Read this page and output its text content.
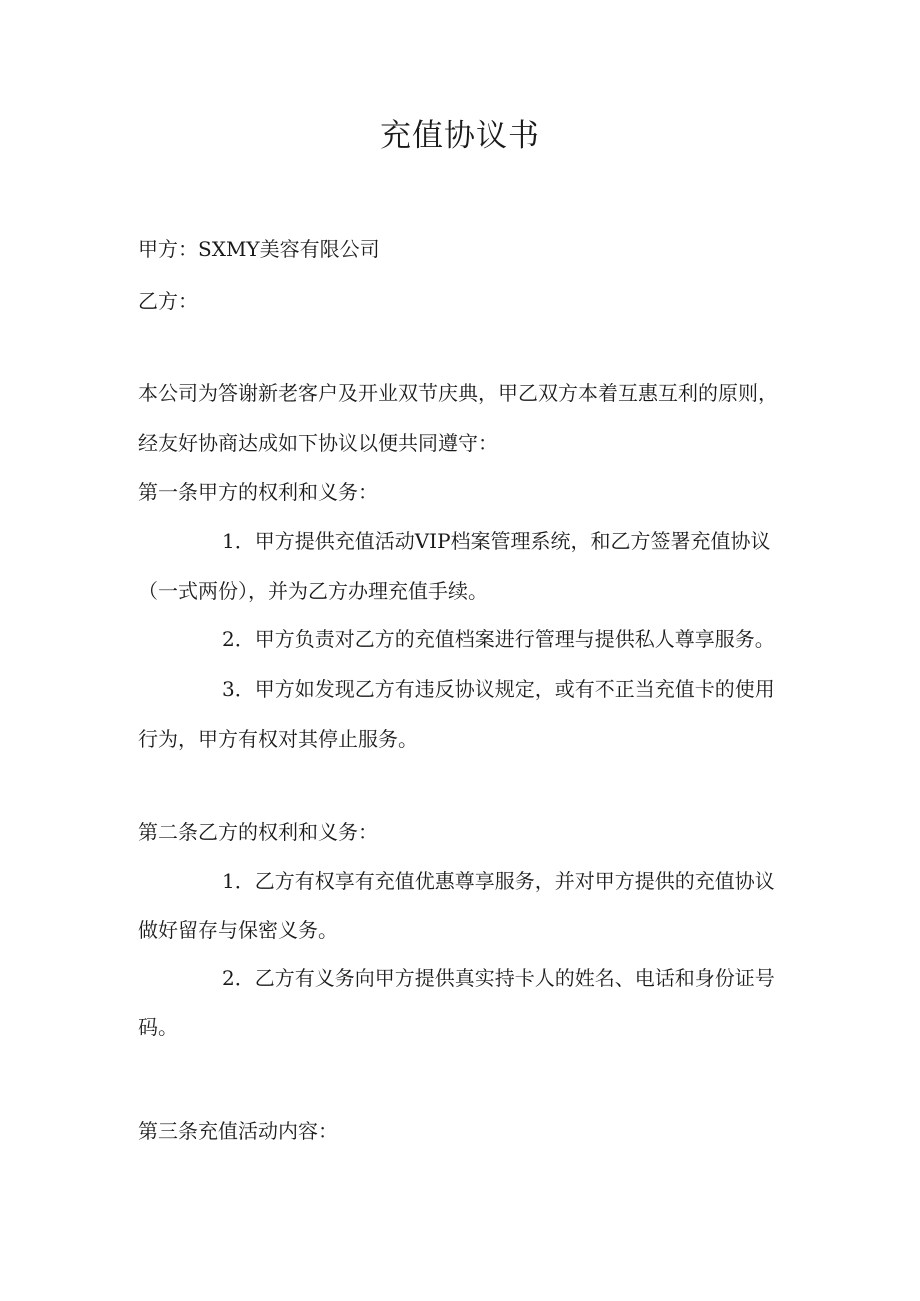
充值协议书

甲方：SXMY美容有限公司

乙方：

本公司为答谢新老客户及开业双节庆典，甲乙双方本着互惠互利的原则，

经友好协商达成如下协议以便共同遵守：

第一条甲方的权利和义务：

1．甲方提供充值活动VIP档案管理系统，和乙方签署充值协议

（一式两份），并为乙方办理充值手续。

2．甲方负责对乙方的充值档案进行管理与提供私人尊享服务。

3．甲方如发现乙方有违反协议规定，或有不正当充值卡的使用

行为，甲方有权对其停止服务。

第二条乙方的权利和义务：

1．乙方有权享有充值优惠尊享服务，并对甲方提供的充值协议

做好留存与保密义务。

2．乙方有义务向甲方提供真实持卡人的姓名、电话和身份证号

码。

第三条充值活动内容：
